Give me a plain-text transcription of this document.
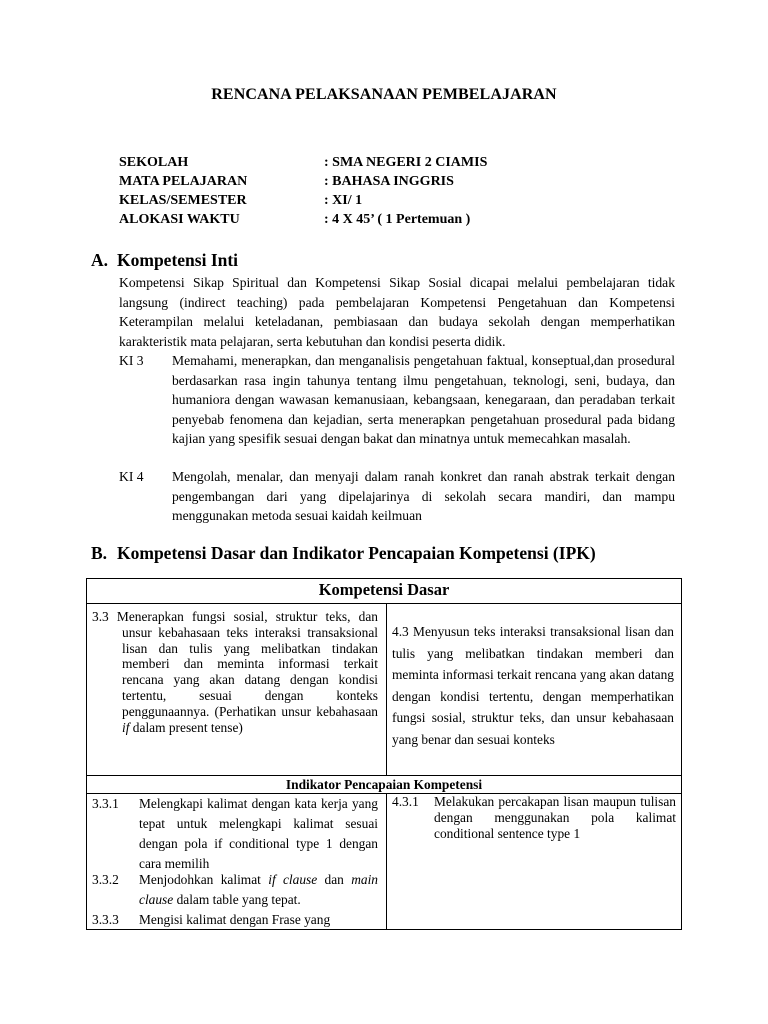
RENCANA PELAKSANAAN PEMBELAJARAN
SEKOLAH	: SMA NEGERI 2 CIAMIS
MATA PELAJARAN	: BAHASA INGGRIS
KELAS/SEMESTER	: XI/ 1
ALOKASI WAKTU	: 4 X 45’ ( 1 Pertemuan )
A. Kompetensi Inti
Kompetensi Sikap Spiritual dan Kompetensi Sikap Sosial dicapai melalui pembelajaran tidak langsung (indirect teaching) pada pembelajaran Kompetensi Pengetahuan dan Kompetensi Keterampilan melalui keteladanan, pembiasaan dan budaya sekolah dengan memperhatikan karakteristik mata pelajaran, serta kebutuhan dan kondisi peserta didik.
KI 3 Memahami, menerapkan, dan menganalisis pengetahuan faktual, konseptual,dan prosedural berdasarkan rasa ingin tahunya tentang ilmu pengetahuan, teknologi, seni, budaya, dan humaniora dengan wawasan kemanusiaan, kebangsaan, kenegaraan, dan peradaban terkait penyebab fenomena dan kejadian, serta menerapkan pengetahuan prosedural pada bidang kajian yang spesifik sesuai dengan bakat dan minatnya untuk memecahkan masalah.
KI 4 Mengolah, menalar, dan menyaji dalam ranah konkret dan ranah abstrak terkait dengan pengembangan dari yang dipelajarinya di sekolah secara mandiri, dan mampu menggunakan metoda sesuai kaidah keilmuan
B. Kompetensi Dasar dan Indikator Pencapaian Kompetensi (IPK)
Kompetensi Dasar
3.3 Menerapkan fungsi sosial, struktur teks, dan unsur kebahasaan teks interaksi transaksional lisan dan tulis yang melibatkan tindakan memberi dan meminta informasi terkait rencana yang akan datang dengan kondisi tertentu, sesuai dengan konteks penggunaannya. (Perhatikan unsur kebahasaan if dalam present tense)
4.3 Menyusun teks interaksi transaksional lisan dan tulis yang melibatkan tindakan memberi dan meminta informasi terkait rencana yang akan datang dengan kondisi tertentu, dengan memperhatikan fungsi sosial, struktur teks, dan unsur kebahasaan yang benar dan sesuai konteks
Indikator Pencapaian Kompetensi
3.3.1 Melengkapi kalimat dengan kata kerja yang tepat untuk melengkapi kalimat sesuai dengan pola if conditional type 1 dengan cara memilih
3.3.2 Menjodohkan kalimat if clause dan main clause dalam table yang tepat.
3.3.3 Mengisi kalimat dengan Frase yang
4.3.1 Melakukan percakapan lisan maupun tulisan dengan menggunakan pola kalimat conditional sentence type 1
